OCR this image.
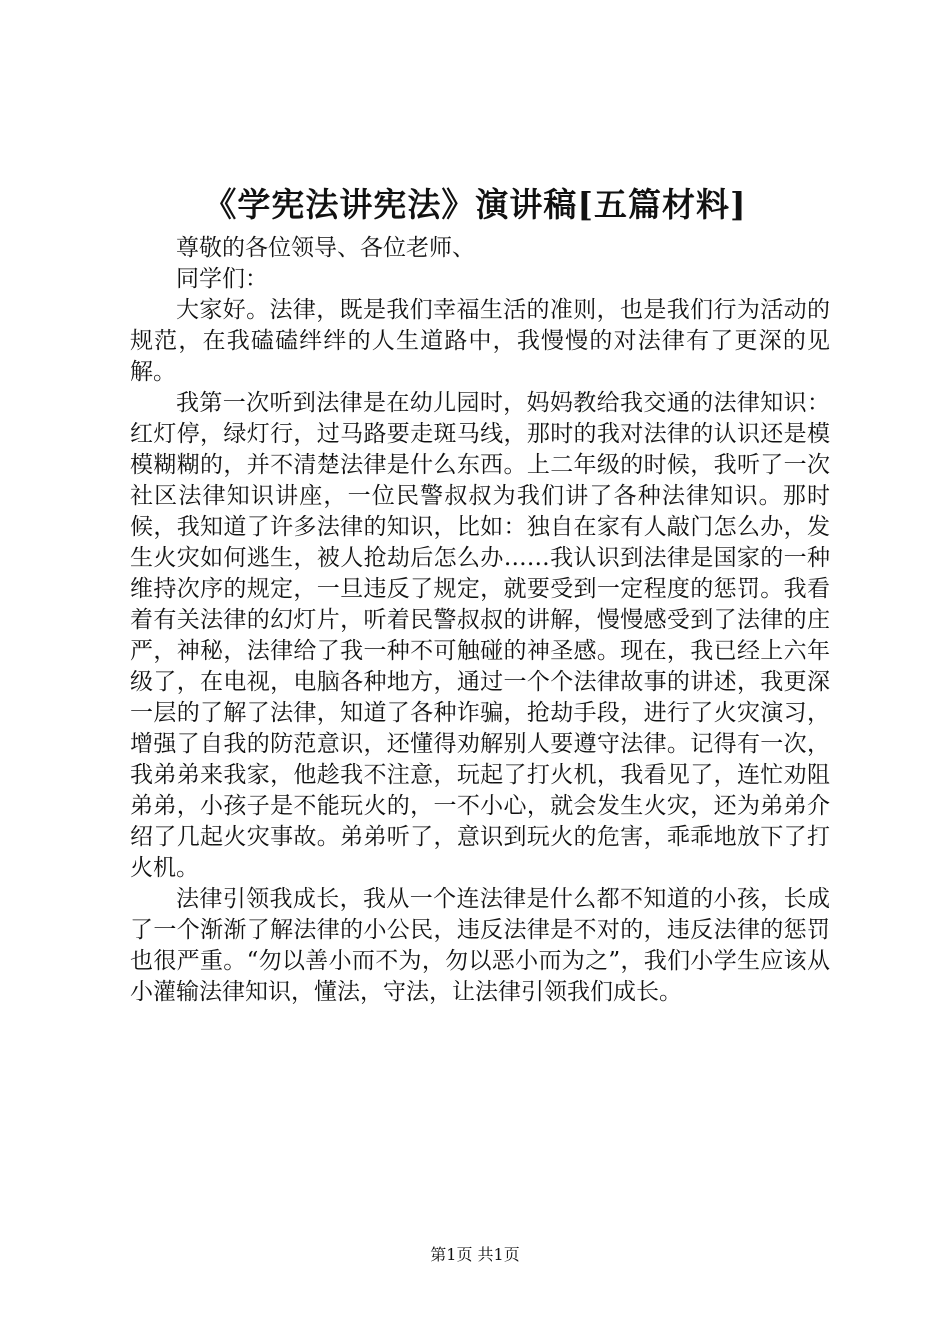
《学宪法讲宪法》演讲稿[五篇材料]

尊敬的各位领导、各位老师、

同学们：

大家好。法律，既是我们幸福生活的准则，也是我们行为活动的规范，在我磕磕绊绊的人生道路中，我慢慢的对法律有了更深的见解。

我第一次听到法律是在幼儿园时，妈妈教给我交通的法律知识：红灯停，绿灯行，过马路要走斑马线，那时的我对法律的认识还是模模糊糊的，并不清楚法律是什么东西。上二年级的时候，我听了一次社区法律知识讲座，一位民警叔叔为我们讲了各种法律知识。那时候，我知道了许多法律的知识，比如：独自在家有人敲门怎么办，发生火灾如何逃生，被人抢劫后怎么办……我认识到法律是国家的一种维持次序的规定，一旦违反了规定，就要受到一定程度的惩罚。我看着有关法律的幻灯片，听着民警叔叔的讲解，慢慢感受到了法律的庄严，神秘，法律给了我一种不可触碰的神圣感。现在，我已经上六年级了，在电视，电脑各种地方，通过一个个法律故事的讲述，我更深一层的了解了法律，知道了各种诈骗，抢劫手段，进行了火灾演习，增强了自我的防范意识，还懂得劝解别人要遵守法律。记得有一次，我弟弟来我家，他趁我不注意，玩起了打火机，我看见了，连忙劝阻弟弟，小孩子是不能玩火的，一不小心，就会发生火灾，还为弟弟介绍了几起火灾事故。弟弟听了，意识到玩火的危害，乖乖地放下了打火机。

法律引领我成长，我从一个连法律是什么都不知道的小孩，长成了一个渐渐了解法律的小公民，违反法律是不对的，违反法律的惩罚也很严重。“勿以善小而不为，勿以恶小而为之”，我们小学生应该从小灌输法律知识，懂法，守法，让法律引领我们成长。

第1页 共1页
